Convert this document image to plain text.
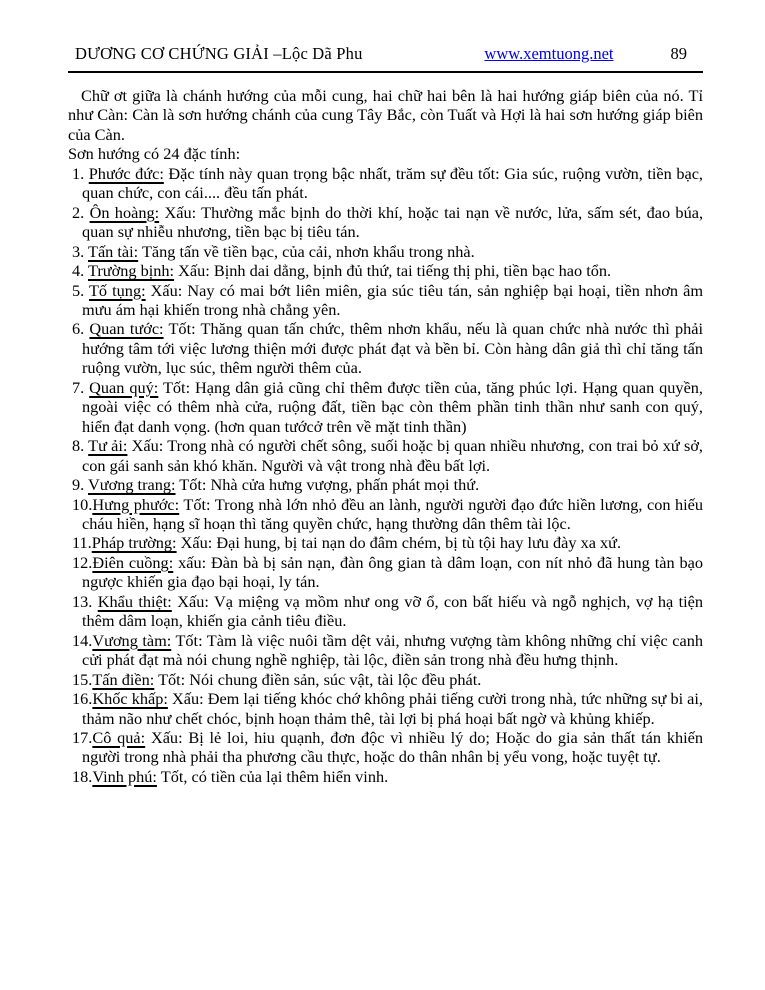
DƯƠNG CƠ CHỨNG GIẢI –Lộc Dã Phu	www.xemtuong.net	89

Chữ ơt giữa là chánh hướng của mỗi cung, hai chữ hai bên là hai hướng giáp biên của nó. Tỉ như Càn: Càn là sơn hướng chánh của cung Tây Bắc, còn Tuất và Hợi là hai sơn hướng giáp biên của Càn.

Sơn hướng có 24 đặc tính:

1. Phước đức: Đặc tính này quan trọng bậc nhất, trăm sự đều tốt: Gia súc, ruộng vườn, tiền bạc, quan chức, con cái.... đều tấn phát.
2. Ôn hoàng: Xấu: Thường mắc bịnh do thời khí, hoặc tai nạn về nước, lửa, sấm sét, đao búa, quan sự nhiễu nhương, tiền bạc bị tiêu tán.
3. Tấn tài: Tăng tấn về tiền bạc, của cải, nhơn khẩu trong nhà.
4. Trường bịnh: Xấu: Bịnh dai dẳng, bịnh đủ thứ, tai tiếng thị phi, tiền bạc hao tổn.
5. Tố tụng: Xấu: Nay có mai bớt liên miên, gia súc tiêu tán, sản nghiệp bại hoại, tiền nhơn âm mưu ám hại khiến trong nhà chẳng yên.
6. Quan tước: Tốt: Thăng quan tấn chức, thêm nhơn khẩu, nếu là quan chức nhà nước thì phải hướng tâm tới việc lương thiện mới được phát đạt và bền bỉ. Còn hàng dân giả thì chỉ tăng tấn ruộng vườn, lục súc, thêm người thêm của.
7. Quan quý: Tốt: Hạng dân giả cũng chỉ thêm được tiền của, tăng phúc lợi. Hạng quan quyền, ngoài việc có thêm nhà cửa, ruộng đất, tiền bạc còn thêm phần tinh thần như sanh con quý, hiển đạt danh vọng. (hơn quan tướcở trên về mặt tinh thần)
8. Tư ải: Xấu: Trong nhà có người chết sông, suối hoặc bị quan nhiều nhương, con trai bỏ xứ sở, con gái sanh sản khó khăn. Người và vật trong nhà đều bất lợi.
9. Vương trang: Tốt: Nhà cửa hưng vượng, phấn phát mọi thứ.
10.Hưng phước: Tốt: Trong nhà lớn nhỏ đều an lành, người người đạo đức hiền lương, con hiếu cháu hiền, hạng sĩ hoạn thì tăng quyền chức, hạng thường dân thêm tài lộc.
11.Pháp trường: Xấu: Đại hung, bị tai nạn do đâm chém, bị tù tội hay lưu đày xa xứ.
12.Điên cuồng: xấu: Đàn bà bị sản nạn, đàn ông gian tà dâm loạn, con nít nhỏ đã hung tàn bạo ngược khiến gia đạo bại hoại, ly tán.
13. Khẩu thiệt: Xấu: Vạ miệng vạ mồm như ong vỡ ổ, con bất hiếu và ngỗ nghịch, vợ hạ tiện thêm dâm loạn, khiến gia cảnh tiêu điều.
14.Vương tàm: Tốt: Tàm là việc nuôi tầm dệt vải, nhưng vượng tàm không những chỉ việc canh cửi phát đạt mà nói chung nghề nghiệp, tài lộc, điền sản trong nhà đều hưng thịnh.
15.Tấn điền: Tốt: Nói chung điền sản, súc vật, tài lộc đều phát.
16.Khốc khấp: Xấu: Đem lại tiếng khóc chớ không phải tiếng cười trong nhà, tức những sự bi ai, thảm não như chết chóc, bịnh hoạn thảm thê, tài lợi bị phá hoại bất ngờ và khủng khiếp.
17.Cô quả: Xấu: Bị lẻ loi, hiu quạnh, đơn độc vì nhiều lý do; Hoặc do gia sản thất tán khiến người trong nhà phải tha phương cầu thực, hoặc do thân nhân bị yểu vong, hoặc tuyệt tự.
18.Vinh phú: Tốt, có tiền của lại thêm hiển vinh.
